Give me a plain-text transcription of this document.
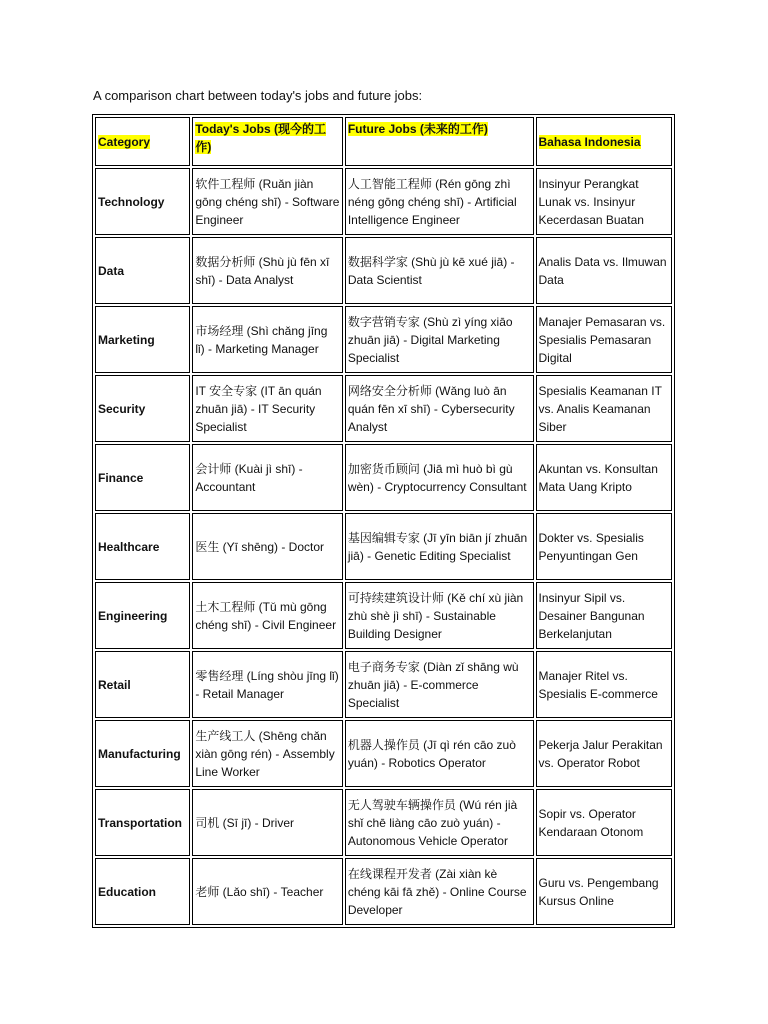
A comparison chart between today's jobs and future jobs:
Category	Today's Jobs (现今的工作)	Future Jobs (未来的工作)	Bahasa Indonesia
Technology	软件工程师 (Ruǎn jiàn gōng chéng shī) - Software Engineer	人工智能工程师 (Rén gōng zhì néng gōng chéng shī) - Artificial Intelligence Engineer	Insinyur Perangkat Lunak vs. Insinyur Kecerdasan Buatan
Data	数据分析师 (Shù jù fēn xī shī) - Data Analyst	数据科学家 (Shù jù kē xué jiā) - Data Scientist	Analis Data vs. Ilmuwan Data
Marketing	市场经理 (Shì chǎng jīng lǐ) - Marketing Manager	数字营销专家 (Shù zì yíng xiāo zhuān jiā) - Digital Marketing Specialist	Manajer Pemasaran vs. Spesialis Pemasaran Digital
Security	IT 安全专家 (IT ān quán zhuān jiā) - IT Security Specialist	网络安全分析师 (Wǎng luò ān quán fēn xī shī) - Cybersecurity Analyst	Spesialis Keamanan IT vs. Analis Keamanan Siber
Finance	会计师 (Kuài jì shī) - Accountant	加密货币顾问 (Jiā mì huò bì gù wèn) - Cryptocurrency Consultant	Akuntan vs. Konsultan Mata Uang Kripto
Healthcare	医生 (Yī shēng) - Doctor	基因编辑专家 (Jī yīn biān jí zhuān jiā) - Genetic Editing Specialist	Dokter vs. Spesialis Penyuntingan Gen
Engineering	土木工程师 (Tǔ mù gōng chéng shī) - Civil Engineer	可持续建筑设计师 (Kě chí xù jiàn zhù shè jì shī) - Sustainable Building Designer	Insinyur Sipil vs. Desainer Bangunan Berkelanjutan
Retail	零售经理 (Líng shòu jīng lǐ) - Retail Manager	电子商务专家 (Diàn zǐ shāng wù zhuān jiā) - E-commerce Specialist	Manajer Ritel vs. Spesialis E-commerce
Manufacturing	生产线工人 (Shēng chǎn xiàn gōng rén) - Assembly Line Worker	机器人操作员 (Jī qì rén cāo zuò yuán) - Robotics Operator	Pekerja Jalur Perakitan vs. Operator Robot
Transportation	司机 (Sī jī) - Driver	无人驾驶车辆操作员 (Wú rén jià shǐ chē liàng cāo zuò yuán) - Autonomous Vehicle Operator	Sopir vs. Operator Kendaraan Otonom
Education	老师 (Lǎo shī) - Teacher	在线课程开发者 (Zài xiàn kè chéng kāi fā zhě) - Online Course Developer	Guru vs. Pengembang Kursus Online
